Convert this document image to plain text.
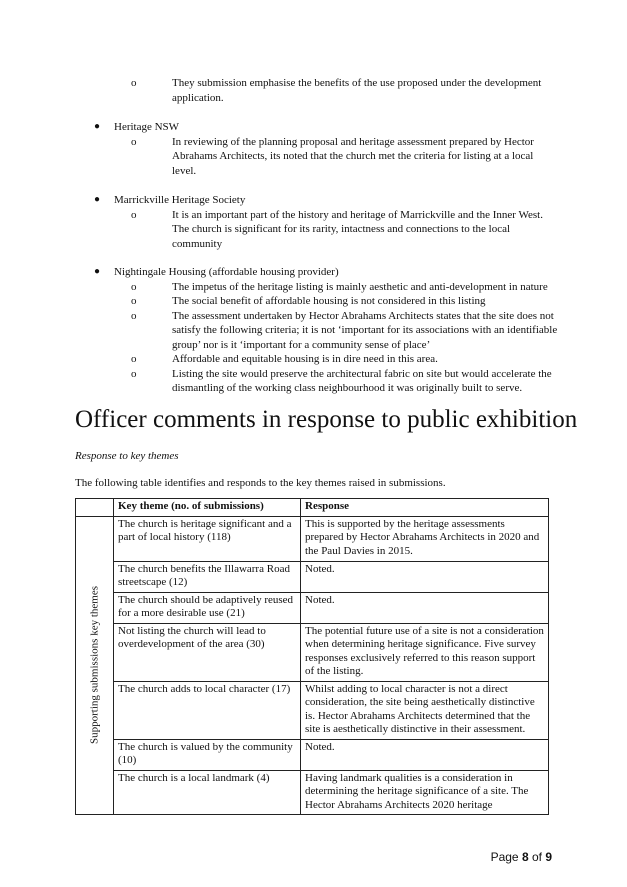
o	They submission emphasise the benefits of the use proposed under the development application.
● Heritage NSW
o	In reviewing of the planning proposal and heritage assessment prepared by Hector Abrahams Architects, its noted that the church met the criteria for listing at a local level.
● Marrickville Heritage Society
o	It is an important part of the history and heritage of Marrickville and the Inner West. The church is significant for its rarity, intactness and connections to the local community
● Nightingale Housing (affordable housing provider)
o	The impetus of the heritage listing is mainly aesthetic and anti-development in nature
o	The social benefit of affordable housing is not considered in this listing
o	The assessment undertaken by Hector Abrahams Architects states that the site does not satisfy the following criteria; it is not ‘important for its associations with an identifiable group’ nor is it ‘important for a community sense of place’
o	Affordable and equitable housing is in dire need in this area.
o	Listing the site would preserve the architectural fabric on site but would accelerate the dismantling of the working class neighbourhood it was originally built to serve.
Officer comments in response to public exhibition
Response to key themes
The following table identifies and responds to the key themes raised in submissions.
	Key theme (no. of submissions)	Response

Supporting submissions key themes	The church is heritage significant and a part of local history (118)	This is supported by the heritage assessments prepared by Hector Abrahams Architects in 2020 and the Paul Davies in 2015.
	The church benefits the Illawarra Road streetscape (12)	Noted.
	The church should be adaptively reused for a more desirable use (21)	Noted.
	Not listing the church will lead to overdevelopment of the area (30)	The potential future use of a site is not a consideration when determining heritage significance. Five survey responses exclusively referred to this reason support of the listing.
	The church adds to local character (17)	Whilst adding to local character is not a direct consideration, the site being aesthetically distinctive is. Hector Abrahams Architects determined that the site is aesthetically distinctive in their assessment.
	The church is valued by the community (10)	Noted.
	The church is a local landmark (4)	Having landmark qualities is a consideration in determining the heritage significance of a site. The Hector Abrahams Architects 2020 heritage
Page 8 of 9
